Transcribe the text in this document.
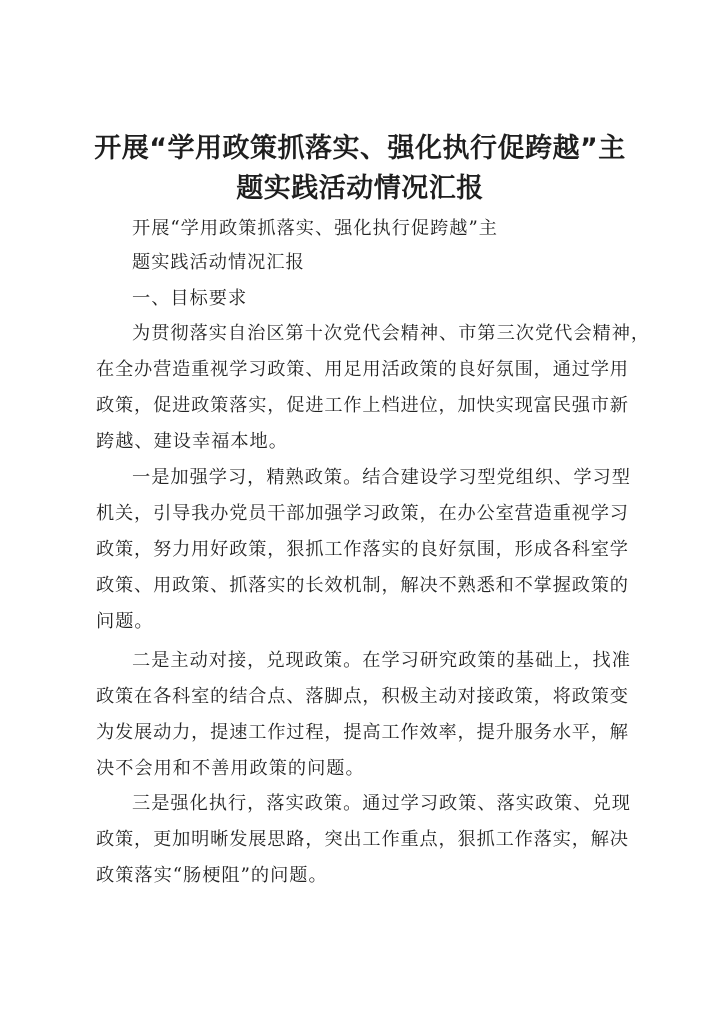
开展“学用政策抓落实、强化执行促跨越”主
题实践活动情况汇报
开展“学用政策抓落实、强化执行促跨越”主
题实践活动情况汇报
一、目标要求
为贯彻落实自治区第十次党代会精神、市第三次党代会精神，
在全办营造重视学习政策、用足用活政策的良好氛围，通过学用
政策，促进政策落实，促进工作上档进位，加快实现富民强市新
跨越、建设幸福本地。
一是加强学习，精熟政策。结合建设学习型党组织、学习型
机关，引导我办党员干部加强学习政策，在办公室营造重视学习
政策，努力用好政策，狠抓工作落实的良好氛围，形成各科室学
政策、用政策、抓落实的长效机制，解决不熟悉和不掌握政策的
问题。
二是主动对接，兑现政策。在学习研究政策的基础上，找准
政策在各科室的结合点、落脚点，积极主动对接政策，将政策变
为发展动力，提速工作过程，提高工作效率，提升服务水平，解
决不会用和不善用政策的问题。
三是强化执行，落实政策。通过学习政策、落实政策、兑现
政策，更加明晰发展思路，突出工作重点，狠抓工作落实，解决
政策落实“肠梗阻”的问题。
